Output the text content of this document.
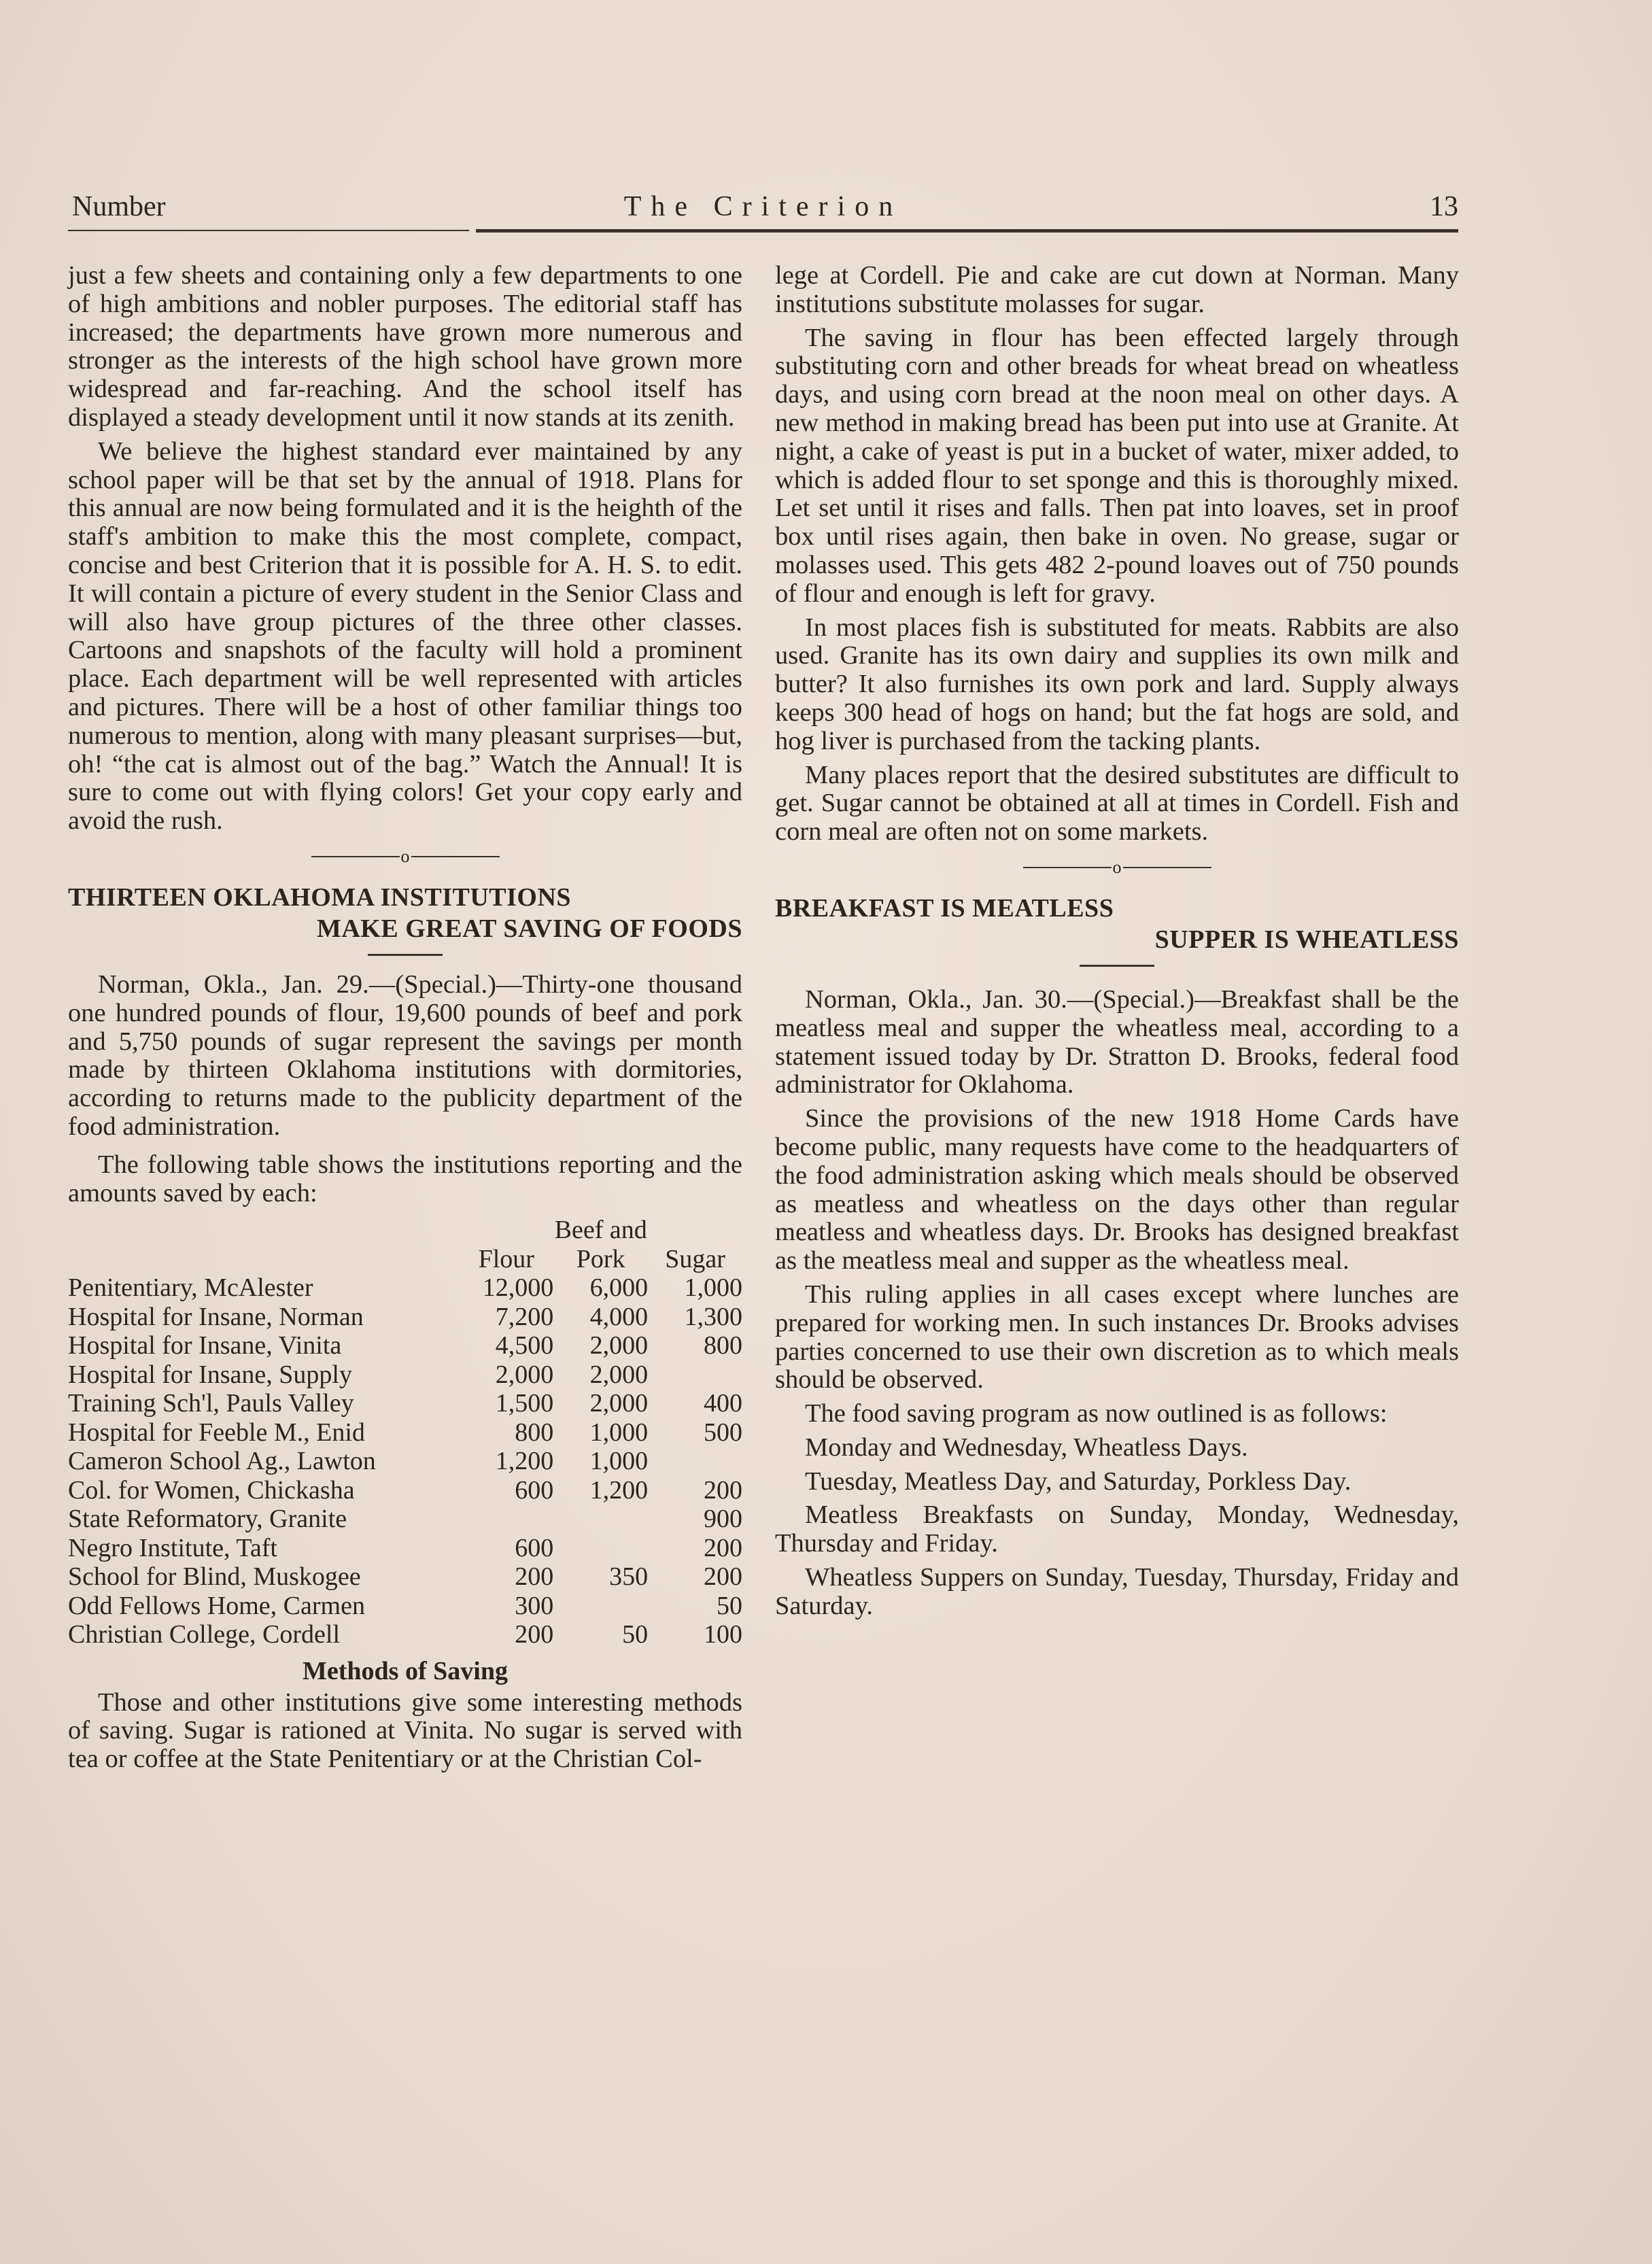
Number	The Criterion	13

just a few sheets and containing only a few departments to one of high ambitions and nobler purposes. The editorial staff has increased; the departments have grown more numerous and stronger as the interests of the high school have grown more widespread and far-reaching. And the school itself has displayed a steady development until it now stands at its zenith.

We believe the highest standard ever maintained by any school paper will be that set by the annual of 1918. Plans for this annual are now being formulated and it is the heighth of the staff's ambition to make this the most complete, compact, concise and best Criterion that it is possible for A. H. S. to edit. It will contain a picture of every student in the Senior Class and will also have group pictures of the three other classes. Cartoons and snapshots of the faculty will hold a prominent place. Each department will be well represented with articles and pictures. There will be a host of other familiar things too numerous to mention, along with many pleasant surprises—but, oh! “the cat is almost out of the bag.” Watch the Annual! It is sure to come out with flying colors! Get your copy early and avoid the rush.

o
THIRTEEN OKLAHOMA INSTITUTIONS
MAKE GREAT SAVING OF FOODS

Norman, Okla., Jan. 29.—(Special.)—Thirty-one thousand one hundred pounds of flour, 19,600 pounds of beef and pork and 5,750 pounds of sugar represent the savings per month made by thirteen Oklahoma institutions with dormitories, according to returns made to the publicity department of the food administration.

The following table shows the institutions reporting and the amounts saved by each:

		Beef and	
	Flour	Pork	Sugar
Penitentiary, McAlester	12,000	6,000	1,000
Hospital for Insane, Norman	7,200	4,000	1,300
Hospital for Insane, Vinita	4,500	2,000	800
Hospital for Insane, Supply	2,000	2,000	
Training Sch'l, Pauls Valley	1,500	2,000	400
Hospital for Feeble M., Enid	800	1,000	500
Cameron School Ag., Lawton	1,200	1,000	
Col. for Women, Chickasha	600	1,200	200
State Reformatory, Granite			900
Negro Institute, Taft	600		200
School for Blind, Muskogee	200	350	200
Odd Fellows Home, Carmen	300		50
Christian College, Cordell	200	50	100
Methods of Saving

Those and other institutions give some interesting methods of saving. Sugar is rationed at Vinita. No sugar is served with tea or coffee at the State Penitentiary or at the Christian Col-

lege at Cordell. Pie and cake are cut down at Norman. Many institutions substitute molasses for sugar.

The saving in flour has been effected largely through substituting corn and other breads for wheat bread on wheatless days, and using corn bread at the noon meal on other days. A new method in making bread has been put into use at Granite. At night, a cake of yeast is put in a bucket of water, mixer added, to which is added flour to set sponge and this is thoroughly mixed. Let set until it rises and falls. Then pat into loaves, set in proof box until rises again, then bake in oven. No grease, sugar or molasses used. This gets 482 2-pound loaves out of 750 pounds of flour and enough is left for gravy.

In most places fish is substituted for meats. Rabbits are also used. Granite has its own dairy and supplies its own milk and butter? It also furnishes its own pork and lard. Supply always keeps 300 head of hogs on hand; but the fat hogs are sold, and hog liver is purchased from the tacking plants.

Many places report that the desired substitutes are difficult to get. Sugar cannot be obtained at all at times in Cordell. Fish and corn meal are often not on some markets.

o
BREAKFAST IS MEATLESS
SUPPER IS WHEATLESS

Norman, Okla., Jan. 30.—(Special.)—Breakfast shall be the meatless meal and supper the wheatless meal, according to a statement issued today by Dr. Stratton D. Brooks, federal food administrator for Oklahoma.

Since the provisions of the new 1918 Home Cards have become public, many requests have come to the headquarters of the food administration asking which meals should be observed as meatless and wheatless on the days other than regular meatless and wheatless days. Dr. Brooks has designed breakfast as the meatless meal and supper as the wheatless meal.

This ruling applies in all cases except where lunches are prepared for working men. In such instances Dr. Brooks advises parties concerned to use their own discretion as to which meals should be observed.

The food saving program as now outlined is as follows:

Monday and Wednesday, Wheatless Days.

Tuesday, Meatless Day, and Saturday, Porkless Day.

Meatless Breakfasts on Sunday, Monday, Wednesday, Thursday and Friday.

Wheatless Suppers on Sunday, Tuesday, Thursday, Friday and Saturday.
